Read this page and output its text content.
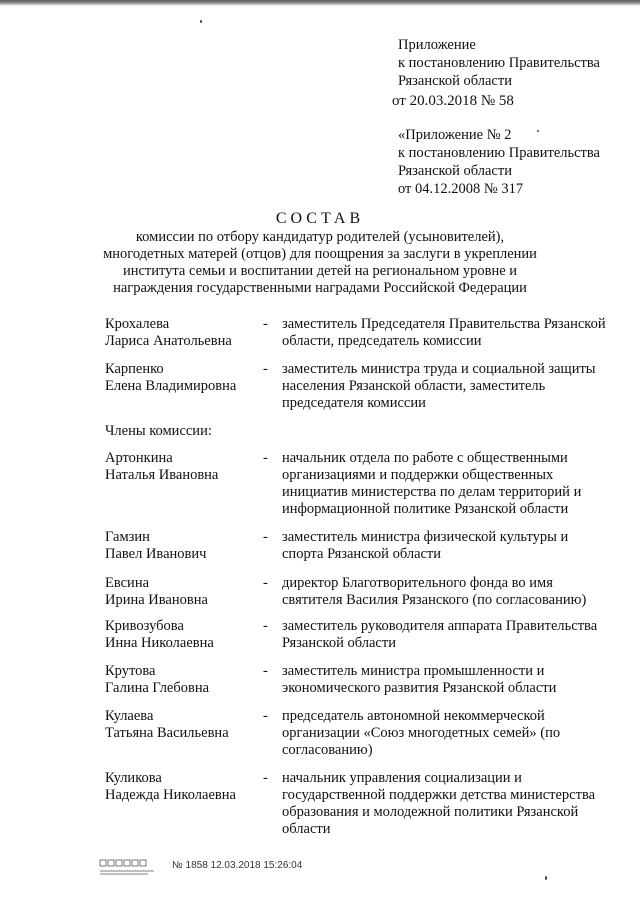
Приложение
к постановлению Правительства
Рязанской области
от 20.03.2018 № 58
«Приложение № 2
к постановлению Правительства
Рязанской области
от 04.12.2008 № 317
СОСТАВ
комиссии по отбору кандидатур родителей (усыновителей), многодетных матерей (отцов) для поощрения за заслуги в укреплении института семьи и воспитании детей на региональном уровне и награждения государственными наградами Российской Федерации
Крохалева
Лариса Анатольевна
- заместитель Председателя Правительства Рязанской области, председатель комиссии
Карпенко
Елена Владимировна
- заместитель министра труда и социальной защиты населения Рязанской области, заместитель председателя комиссии
Артонкина
Наталья Ивановна
- начальник отдела по работе с общественными организациями и поддержки общественных инициатив министерства по делам территорий и информационной политике Рязанской области
Гамзин
Павел Иванович
- заместитель министра физической культуры и спорта Рязанской области
Евсина
Ирина Ивановна
- директор Благотворительного фонда во имя святителя Василия Рязанского (по согласованию)
Кривозубова
Инна Николаевна
- заместитель руководителя аппарата Правительства Рязанской области
Крутова
Галина Глебовна
- заместитель министра промышленности и экономического развития Рязанской области
Кулаева
Татьяна Васильевна
- председатель автономной некоммерческой организации «Союз многодетных семей» (по согласованию)
Куликова
Надежда Николаевна
- начальник управления социализации и государственной поддержки детства министерства образования и молодежной политики Рязанской области
Члены комиссии:
№ 1858 12.03.2018 15:26:04
